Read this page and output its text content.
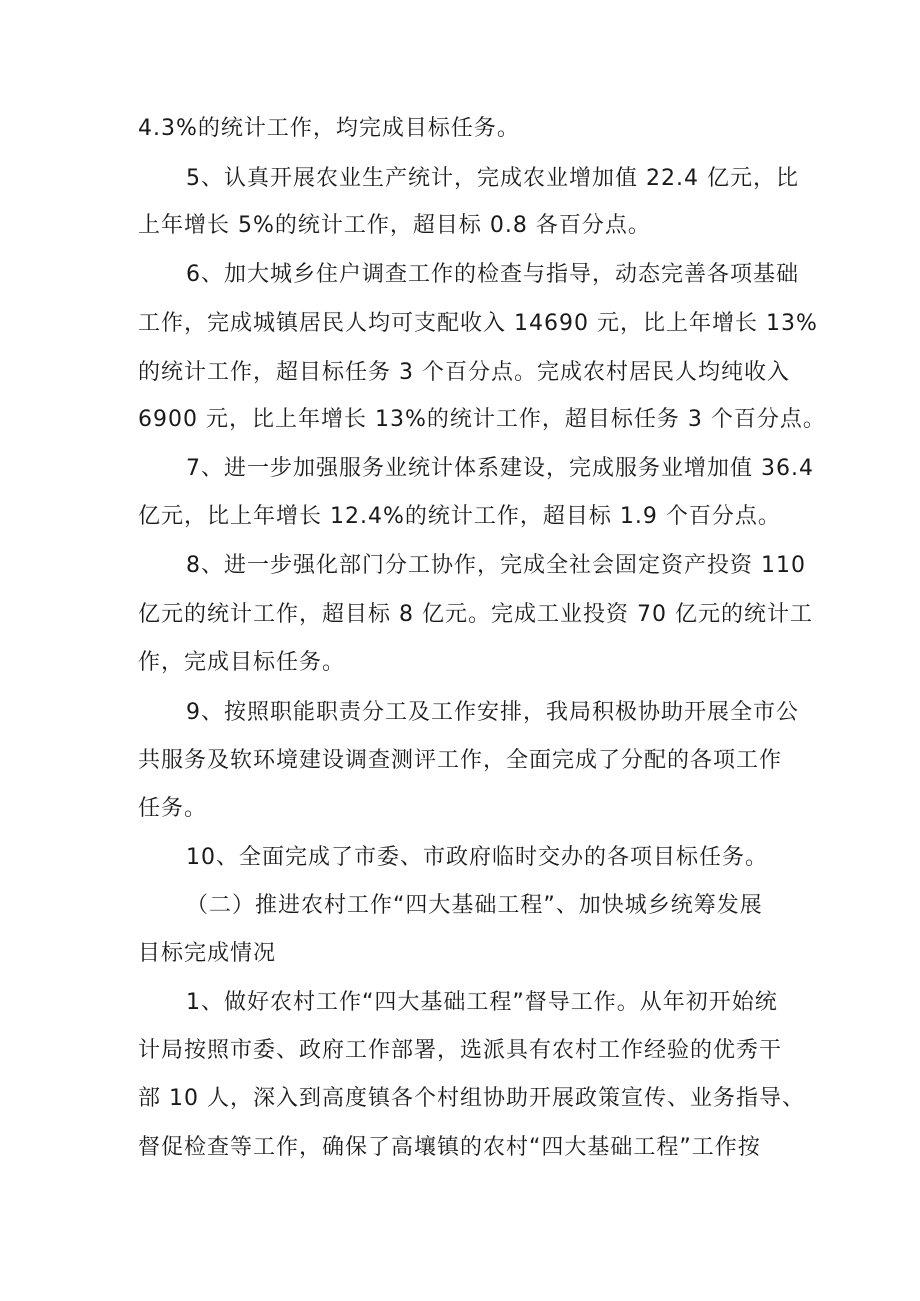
4.3%的统计工作，均完成目标任务。
5、认真开展农业生产统计，完成农业增加值 22.4 亿元，比
上年增长 5%的统计工作，超目标 0.8 各百分点。
6、加大城乡住户调查工作的检查与指导，动态完善各项基础
工作，完成城镇居民人均可支配收入 14690 元，比上年增长 13%
的统计工作，超目标任务 3 个百分点。完成农村居民人均纯收入
6900 元，比上年增长 13%的统计工作，超目标任务 3 个百分点。
7、进一步加强服务业统计体系建设，完成服务业增加值 36.4
亿元，比上年增长 12.4%的统计工作，超目标 1.9 个百分点。
8、进一步强化部门分工协作，完成全社会固定资产投资 110
亿元的统计工作，超目标 8 亿元。完成工业投资 70 亿元的统计工
作，完成目标任务。
9、按照职能职责分工及工作安排，我局积极协助开展全市公
共服务及软环境建设调查测评工作，全面完成了分配的各项工作
任务。
10、全面完成了市委、市政府临时交办的各项目标任务。
（二）推进农村工作“四大基础工程”、加快城乡统筹发展
目标完成情况
1、做好农村工作“四大基础工程”督导工作。从年初开始统
计局按照市委、政府工作部署，选派具有农村工作经验的优秀干
部 10 人，深入到高度镇各个村组协助开展政策宣传、业务指导、
督促检查等工作，确保了高壤镇的农村“四大基础工程”工作按
